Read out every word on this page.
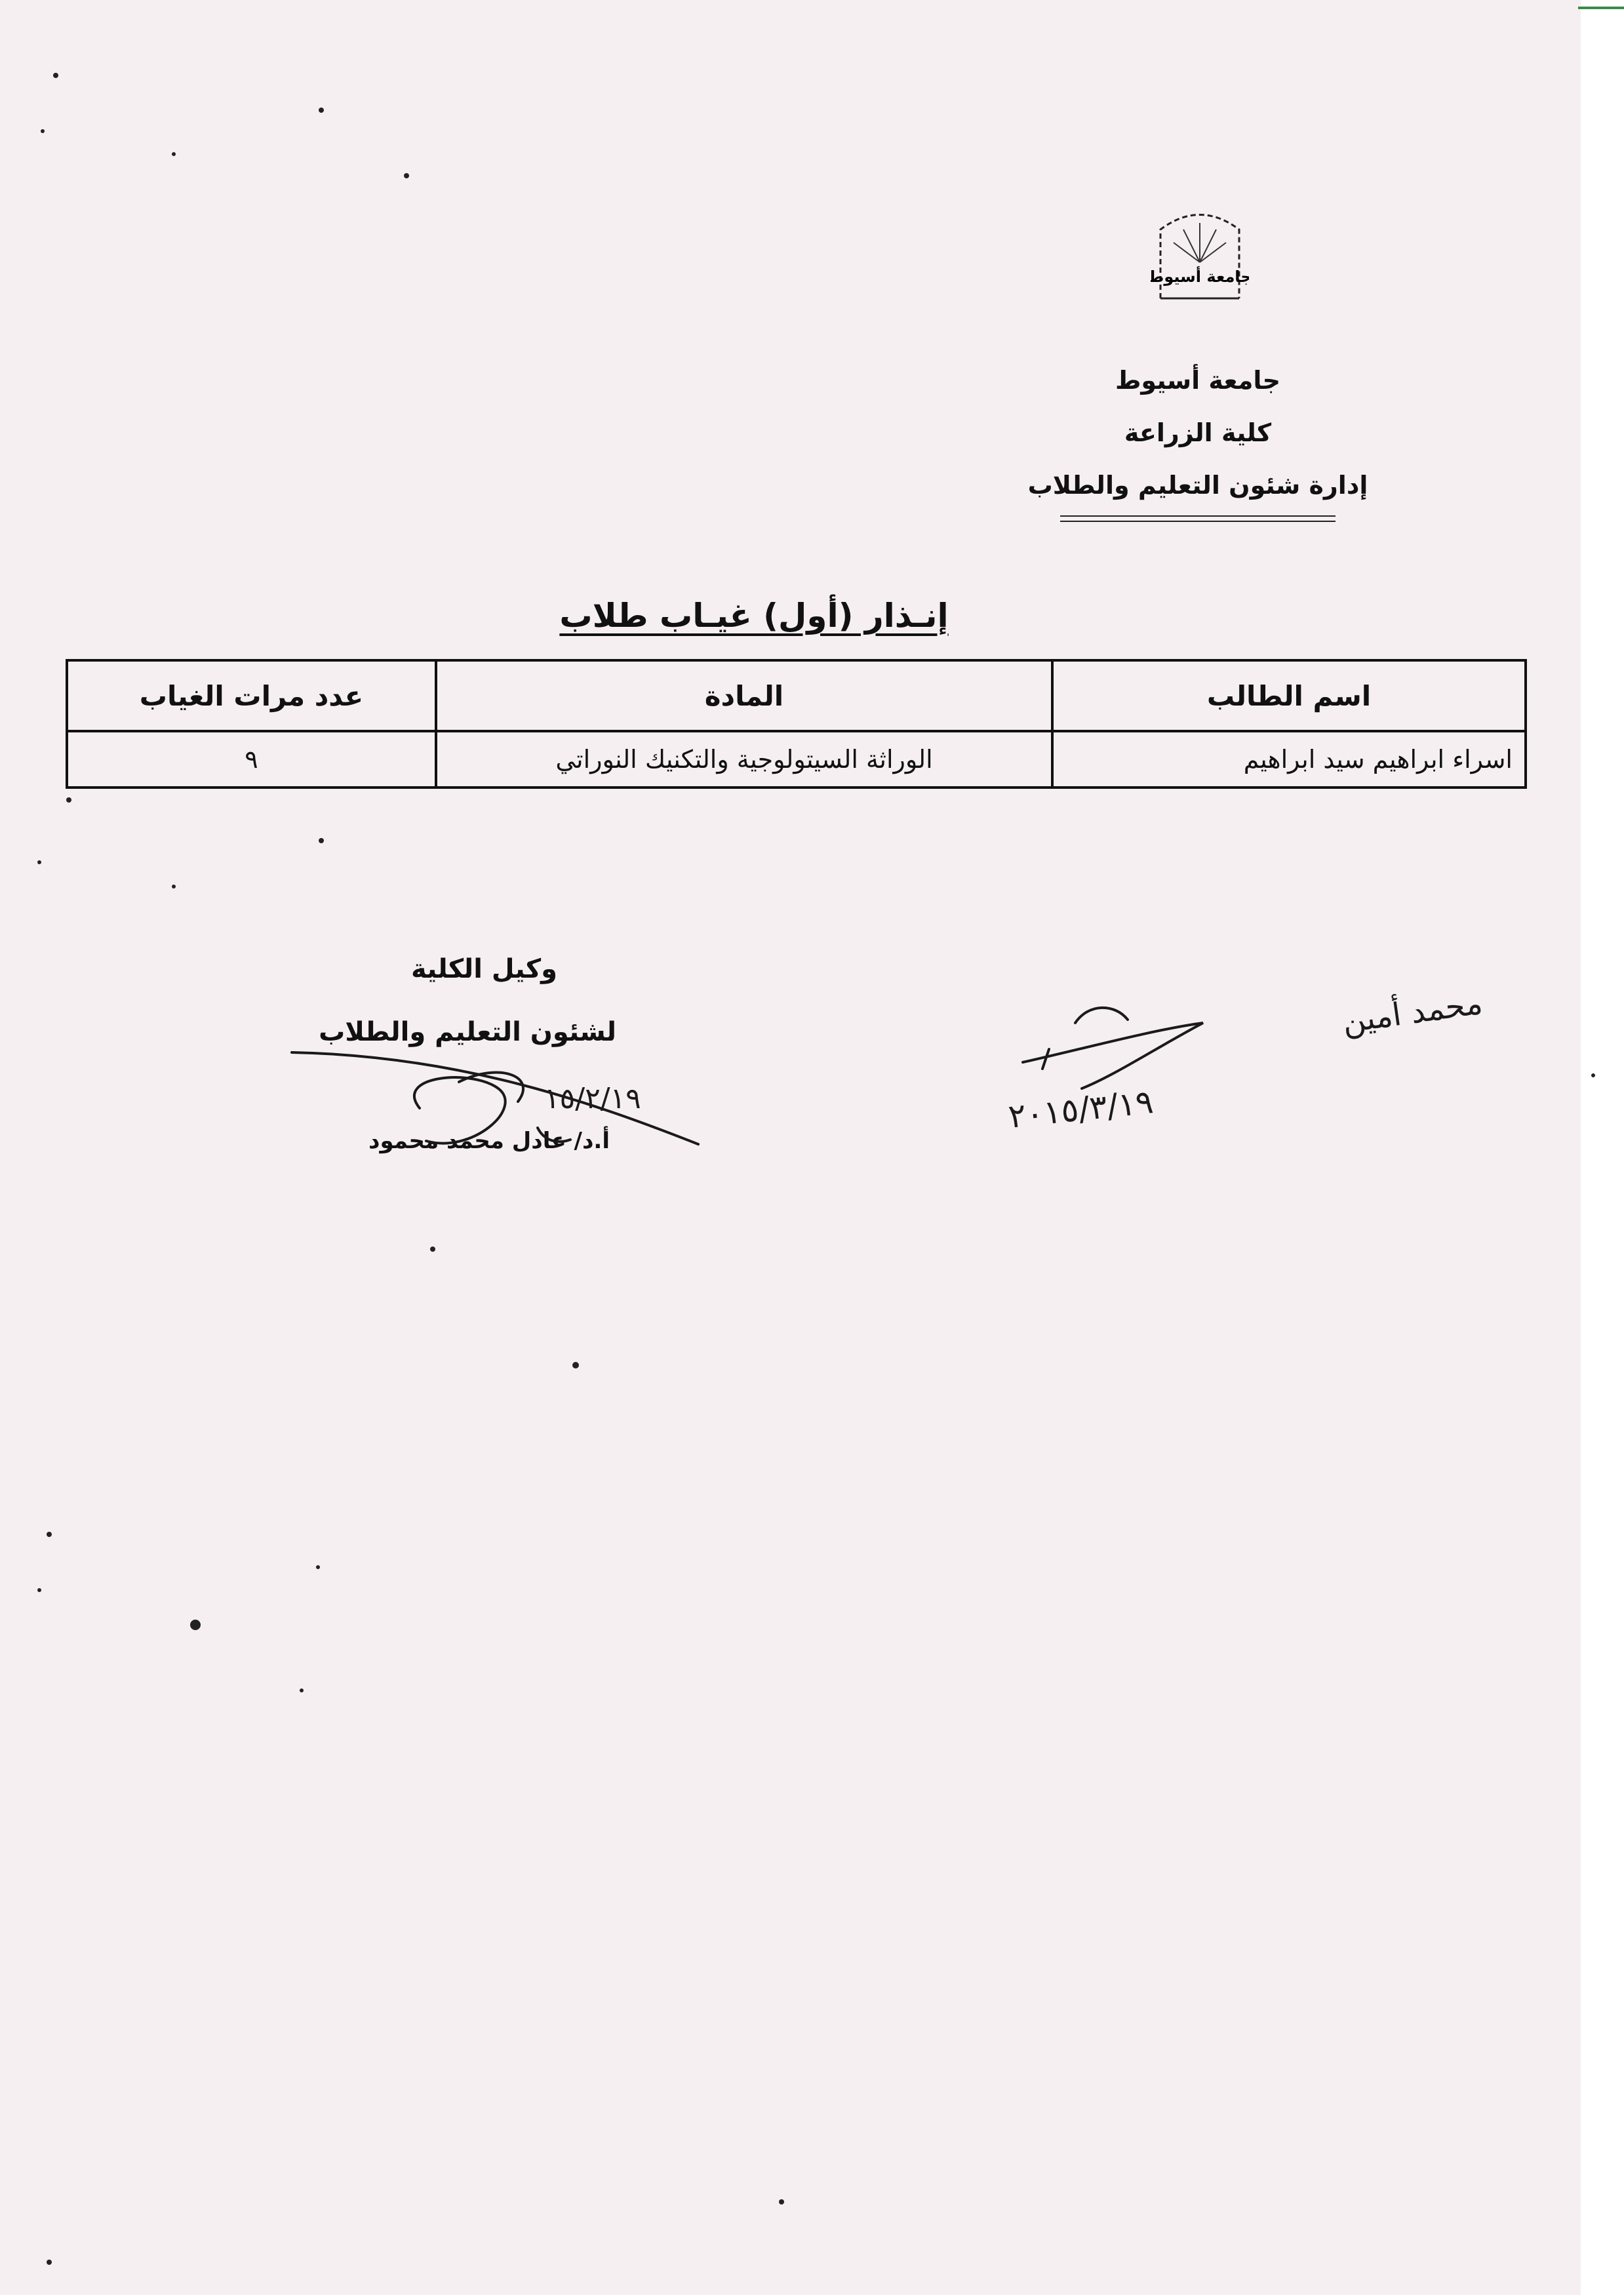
جامعة أسيوط
جامعة أسيوط
كلية الزراعة
إدارة شئون التعليم والطلاب
إنـذار (أول) غيـاب طلاب
اسم الطالب	المادة	عدد مرات الغياب
اسراء ابراهيم سيد ابراهيم	الوراثة السيتولوجية والتكنيك النوراتي	٩
وكيل الكلية
لشئون التعليم والطلاب
أ.د/ عادل محمد محمود
١٥/٢/١٩	٢٠١٥/٣/١٩
محمد أمين
